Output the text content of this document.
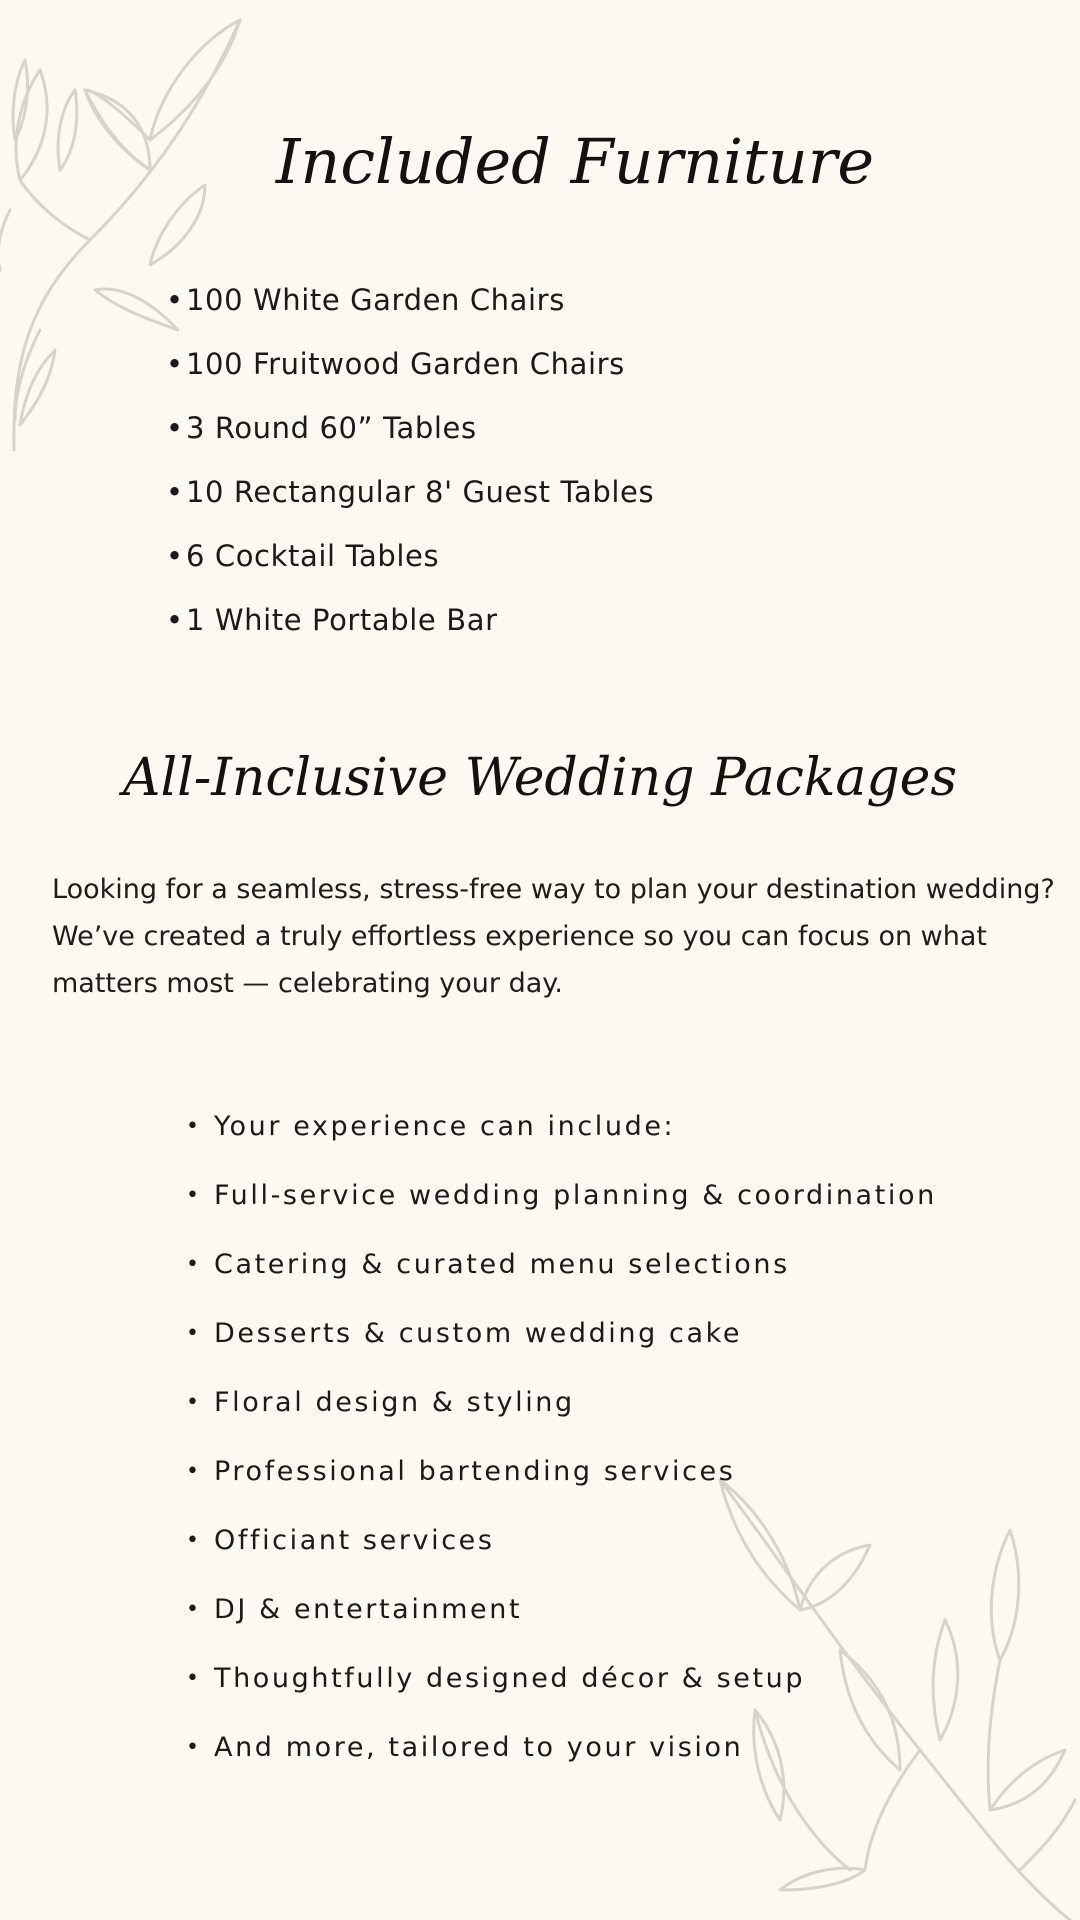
Included Furniture
•100 White Garden Chairs
•100 Fruitwood Garden Chairs
•3 Round 60” Tables
•10 Rectangular 8' Guest Tables
•6 Cocktail Tables
•1 White Portable Bar
All-Inclusive Wedding Packages

Looking for a seamless, stress-free way to plan your destination wedding?

We’ve created a truly effortless experience so you can focus on what matters most — celebrating your day.

• Your experience can include:
• Full-service wedding planning & coordination
• Catering & curated menu selections
• Desserts & custom wedding cake
• Floral design & styling
• Professional bartending services
• Officiant services
• DJ & entertainment
• Thoughtfully designed décor & setup
• And more, tailored to your vision
